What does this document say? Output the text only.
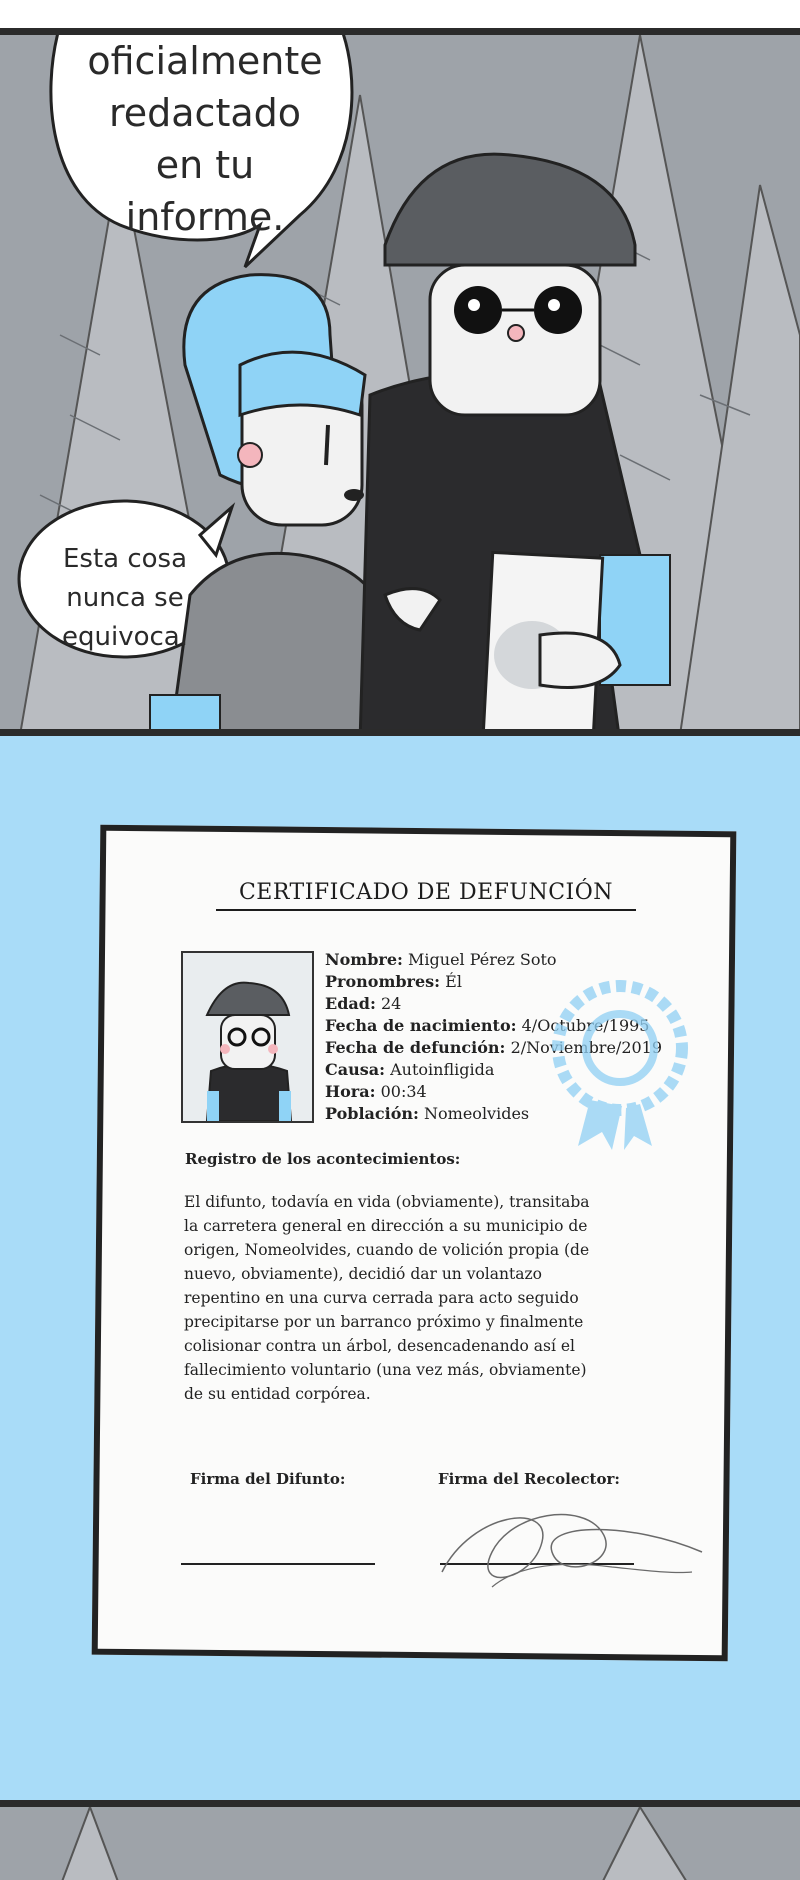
oficialmente
redactado
en tu
informe.
Esta cosa
nunca se
equivoca.
CERTIFICADO DE DEFUNCIÓN
Nombre: Miguel Pérez Soto
Pronombres: Él
Edad: 24
Fecha de nacimiento: 4/Octubre/1995
Fecha de defunción: 2/Noviembre/2019
Causa: Autoinfligida
Hora: 00:34
Población: Nomeolvides
Registro de los acontecimientos:
El difunto, todavía en vida (obviamente), transitaba
la carretera general en dirección a su municipio de
origen, Nomeolvides, cuando de volición propia (de
nuevo, obviamente), decidió dar un volantazo
repentino en una curva cerrada para acto seguido
precipitarse por un barranco próximo y finalmente
colisionar contra un árbol, desencadenando así el
fallecimiento voluntario (una vez más, obviamente)
de su entidad corpórea.
Firma del Difunto:	Firma del Recolector:
